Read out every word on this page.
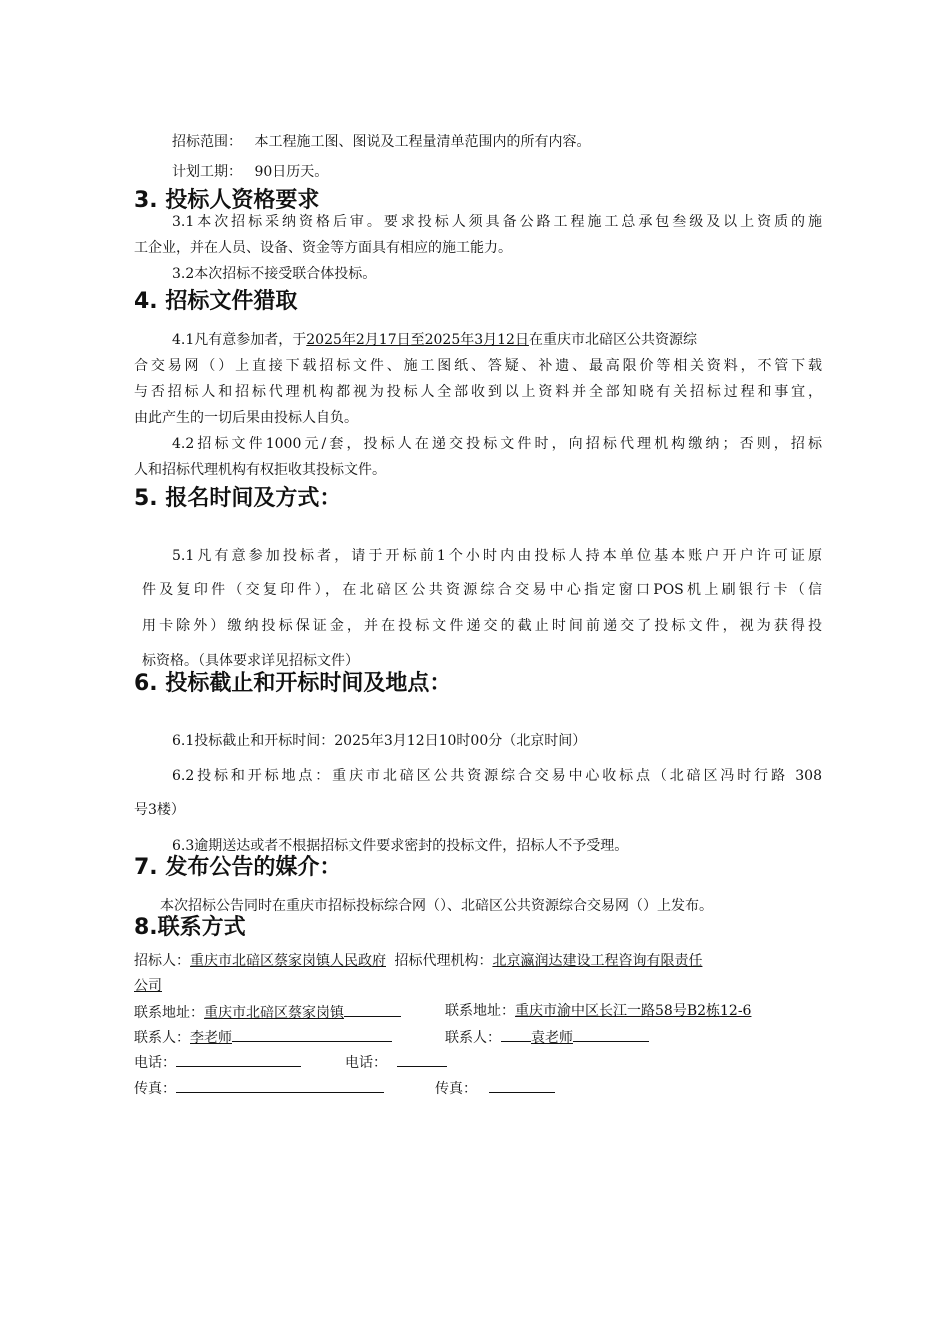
招标范围： 本工程施工图、图说及工程量清单范围内的所有内容。
计划工期： 90日历天。
3. 投标人资格要求
3.1本次招标采纳资格后审。要求投标人须具备公路工程施工总承包叁级及以上资质的施
工企业，并在人员、设备、资金等方面具有相应的施工能力。
3.2本次招标不接受联合体投标。
4. 招标文件猎取
4.1凡有意参加者，于2025年2月17日至2025年3月12日在重庆市北碚区公共资源综
合交易网（）上直接下载招标文件、施工图纸、答疑、补遗、最高限价等相关资料，不管下载
与否招标人和招标代理机构都视为投标人全部收到以上资料并全部知晓有关招标过程和事宜，
由此产生的一切后果由投标人自负。
4.2招标文件1000元/套，投标人在递交投标文件时，向招标代理机构缴纳；否则，招标
人和招标代理机构有权拒收其投标文件。
5. 报名时间及方式：
5.1凡有意参加投标者，请于开标前1个小时内由投标人持本单位基本账户开户许可证原
件及复印件（交复印件），在北碚区公共资源综合交易中心指定窗口POS机上刷银行卡（信
用卡除外）缴纳投标保证金，并在投标文件递交的截止时间前递交了投标文件，视为获得投
标资格。（具体要求详见招标文件）
6. 投标截止和开标时间及地点：
6.1投标截止和开标时间：2025年3月12日10时00分（北京时间）
6.2投标和开标地点：重庆市北碚区公共资源综合交易中心收标点（北碚区冯时行路 308
号3楼）
6.3逾期送达或者不根据招标文件要求密封的投标文件，招标人不予受理。
7. 发布公告的媒介：
本次招标公告同时在重庆市招标投标综合网（）、北碚区公共资源综合交易网（）上发布。
8.联系方式
招标人：重庆市北碚区蔡家岗镇人民政府 招标代理机构：北京瀛润达建设工程咨询有限责任
公司
联系地址：重庆市北碚区蔡家岗镇	联系地址：重庆市渝中区长江一路58号B2栋12-6
联系人：李老师	联系人： 袁老师
电话：	电话：
传真：	传真：
